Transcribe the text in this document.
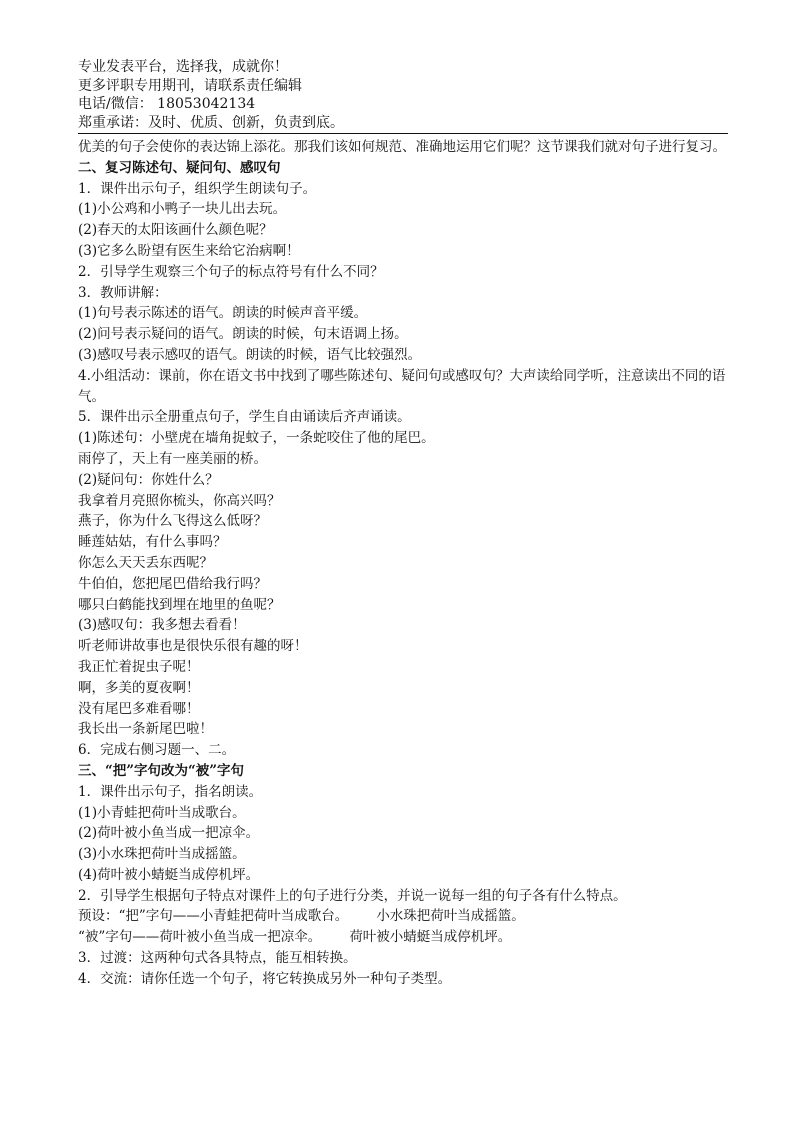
专业发表平台，选择我，成就你！
更多评职专用期刊，请联系责任编辑
电话/微信： 18053042134
郑重承诺：及时、优质、创新，负责到底。
优美的句子会使你的表达锦上添花。那我们该如何规范、准确地运用它们呢？这节课我们就对句子进行复习。
二、复习陈述句、疑问句、感叹句
1．课件出示句子，组织学生朗读句子。
(1)小公鸡和小鸭子一块儿出去玩。
(2)春天的太阳该画什么颜色呢？
(3)它多么盼望有医生来给它治病啊！
2．引导学生观察三个句子的标点符号有什么不同？
3．教师讲解：
(1)句号表示陈述的语气。朗读的时候声音平缓。
(2)问号表示疑问的语气。朗读的时候，句末语调上扬。
(3)感叹号表示感叹的语气。朗读的时候，语气比较强烈。
4.小组活动：课前，你在语文书中找到了哪些陈述句、疑问句或感叹句？大声读给同学听，注意读出不同的语气。
5．课件出示全册重点句子，学生自由诵读后齐声诵读。
(1)陈述句：小壁虎在墙角捉蚊子，一条蛇咬住了他的尾巴。
雨停了，天上有一座美丽的桥。
(2)疑问句：你姓什么？
我拿着月亮照你梳头，你高兴吗？
燕子，你为什么飞得这么低呀？
睡莲姑姑，有什么事吗？
你怎么天天丢东西呢？
牛伯伯，您把尾巴借给我行吗？
哪只白鹤能找到埋在地里的鱼呢？
(3)感叹句：我多想去看看！
听老师讲故事也是很快乐很有趣的呀！
我正忙着捉虫子呢！
啊，多美的夏夜啊！
没有尾巴多难看哪！
我长出一条新尾巴啦！
6．完成右侧习题一、二。
三、“把”字句改为“被”字句
1．课件出示句子，指名朗读。
(1)小青蛙把荷叶当成歌台。
(2)荷叶被小鱼当成一把凉伞。
(3)小水珠把荷叶当成摇篮。
(4)荷叶被小蜻蜓当成停机坪。
2．引导学生根据句子特点对课件上的句子进行分类，并说一说每一组的句子各有什么特点。
预设：“把”字句——小青蛙把荷叶当成歌台。 小水珠把荷叶当成摇篮。
“被”字句——荷叶被小鱼当成一把凉伞。 荷叶被小蜻蜓当成停机坪。
3．过渡：这两种句式各具特点，能互相转换。
4．交流：请你任选一个句子，将它转换成另外一种句子类型。
